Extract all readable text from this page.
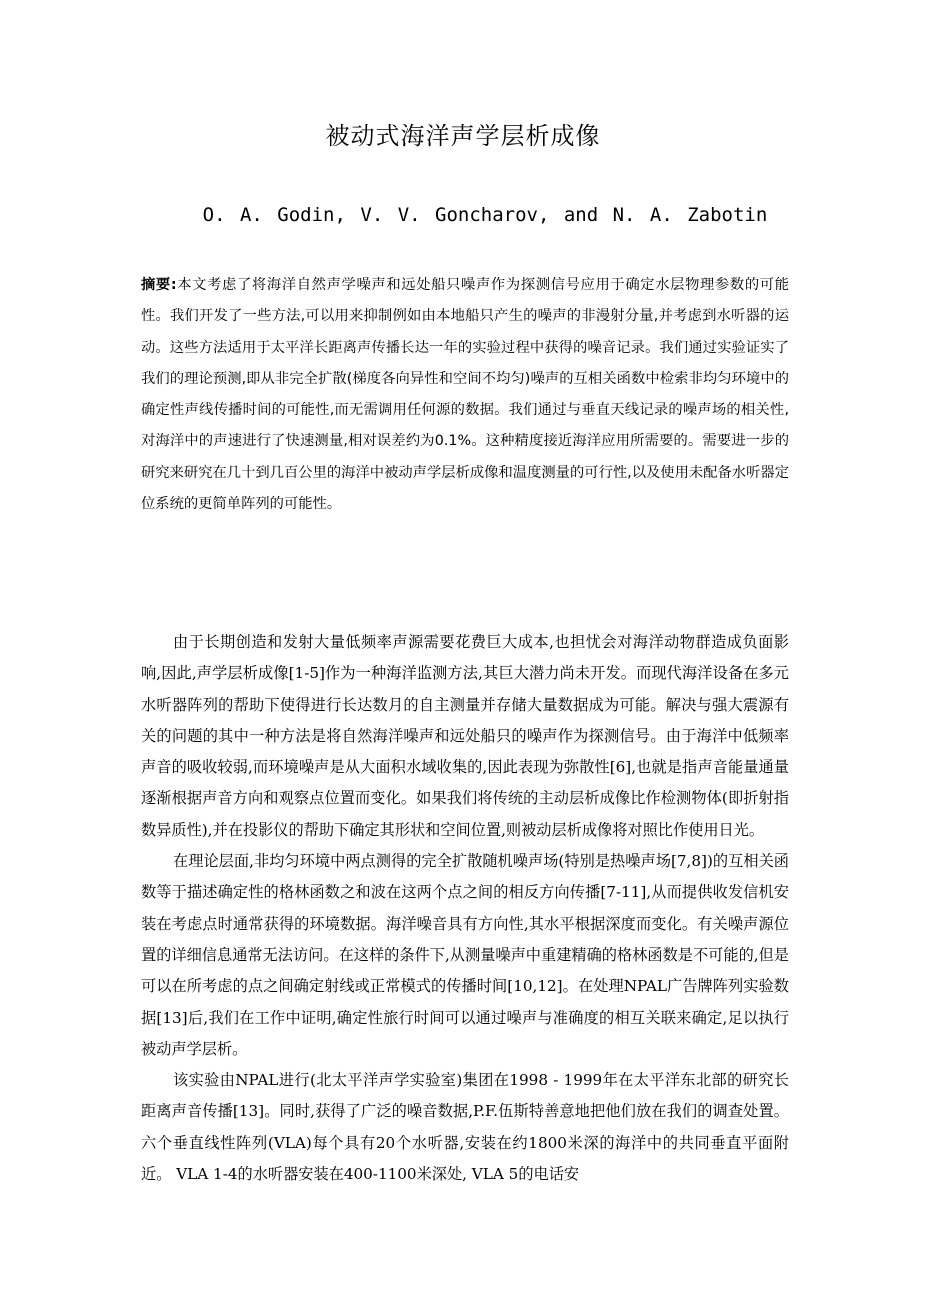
被动式海洋声学层析成像
O. A. Godin, V. V. Goncharov, and N. A. Zabotin
摘要:本文考虑了将海洋自然声学噪声和远处船只噪声作为探测信号应用于确定水层物理参数的可能性。我们开发了一些方法,可以用来抑制例如由本地船只产生的噪声的非漫射分量,并考虑到水听器的运动。这些方法适用于太平洋长距离声传播长达一年的实验过程中获得的噪音记录。我们通过实验证实了我们的理论预测,即从非完全扩散(梯度各向异性和空间不均匀)噪声的互相关函数中检索非均匀环境中的确定性声线传播时间的可能性,而无需调用任何源的数据。我们通过与垂直天线记录的噪声场的相关性,对海洋中的声速进行了快速测量,相对误差约为0.1%。这种精度接近海洋应用所需要的。需要进一步的研究来研究在几十到几百公里的海洋中被动声学层析成像和温度测量的可行性,以及使用未配备水听器定位系统的更简单阵列的可能性。

由于长期创造和发射大量低频率声源需要花费巨大成本,也担忧会对海洋动物群造成负面影响,因此,声学层析成像[1-5]作为一种海洋监测方法,其巨大潜力尚未开发。而现代海洋设备在多元水听器阵列的帮助下使得进行长达数月的自主测量并存储大量数据成为可能。解决与强大震源有关的问题的其中一种方法是将自然海洋噪声和远处船只的噪声作为探测信号。由于海洋中低频率声音的吸收较弱,而环境噪声是从大面积水域收集的,因此表现为弥散性[6],也就是指声音能量通量逐渐根据声音方向和观察点位置而变化。如果我们将传统的主动层析成像比作检测物体(即折射指数异质性),并在投影仪的帮助下确定其形状和空间位置,则被动层析成像将对照比作使用日光。

在理论层面,非均匀环境中两点测得的完全扩散随机噪声场(特别是热噪声场[7,8])的互相关函数等于描述确定性的格林函数之和波在这两个点之间的相反方向传播[7-11],从而提供收发信机安装在考虑点时通常获得的环境数据。海洋噪音具有方向性,其水平根据深度而变化。有关噪声源位置的详细信息通常无法访问。在这样的条件下,从测量噪声中重建精确的格林函数是不可能的,但是可以在所考虑的点之间确定射线或正常模式的传播时间[10,12]。在处理NPAL广告牌阵列实验数据[13]后,我们在工作中证明,确定性旅行时间可以通过噪声与准确度的相互关联来确定,足以执行被动声学层析。

该实验由NPAL进行(北太平洋声学实验室)集团在1998 - 1999年在太平洋东北部的研究长距离声音传播[13]。同时,获得了广泛的噪音数据,P.F.伍斯特善意地把他们放在我们的调查处置。六个垂直线性阵列(VLA)每个具有20个水听器,安装在约1800米深的海洋中的共同垂直平面附近。 VLA 1-4的水听器安装在400-1100米深处, VLA 5的电话安
